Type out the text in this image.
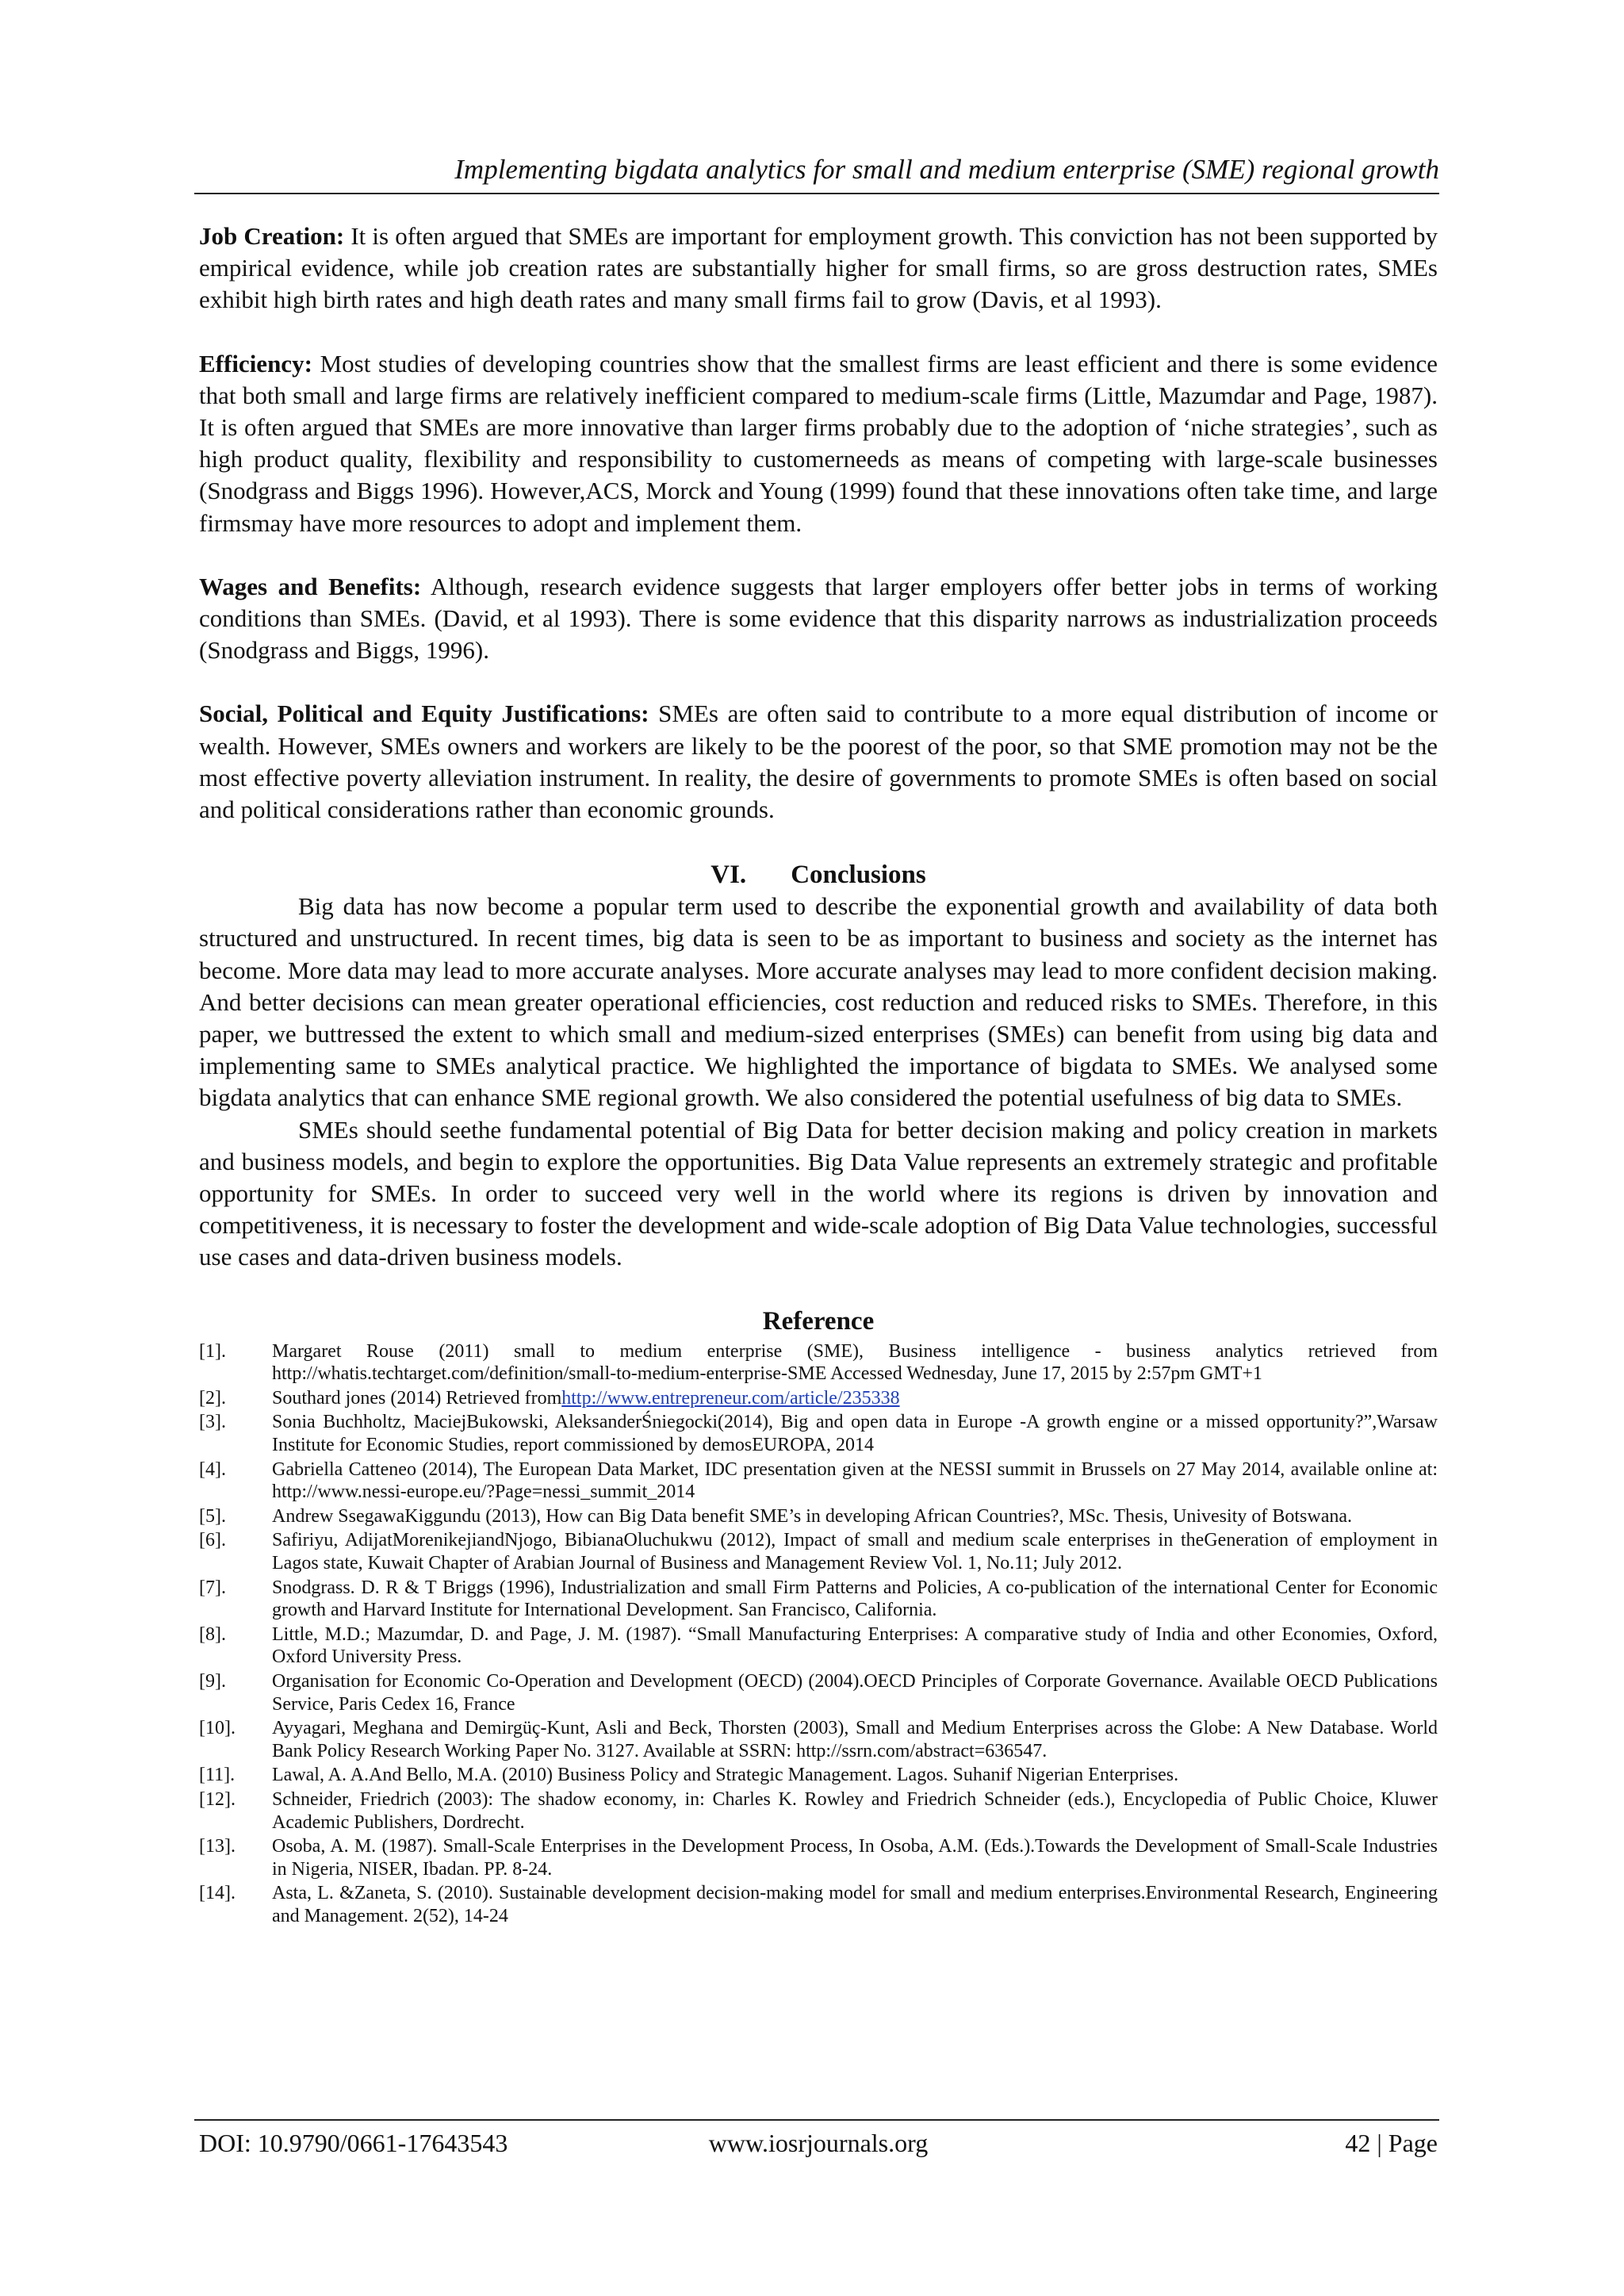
Implementing bigdata analytics for small and medium enterprise (SME) regional growth

Job Creation: It is often argued that SMEs are important for employment growth. This conviction has not been supported by empirical evidence, while job creation rates are substantially higher for small firms, so are gross destruction rates, SMEs exhibit high birth rates and high death rates and many small firms fail to grow (Davis, et al 1993).

Efficiency: Most studies of developing countries show that the smallest firms are least efficient and there is some evidence that both small and large firms are relatively inefficient compared to medium-scale firms (Little, Mazumdar and Page, 1987). It is often argued that SMEs are more innovative than larger firms probably due to the adoption of ‘niche strategies’, such as high product quality, flexibility and responsibility to customerneeds as means of competing with large-scale businesses (Snodgrass and Biggs 1996). However,ACS, Morck and Young (1999) found that these innovations often take time, and large firmsmay have more resources to adopt and implement them.

Wages and Benefits: Although, research evidence suggests that larger employers offer better jobs in terms of working conditions than SMEs. (David, et al 1993). There is some evidence that this disparity narrows as industrialization proceeds (Snodgrass and Biggs, 1996).

Social, Political and Equity Justifications: SMEs are often said to contribute to a more equal distribution of income or wealth. However, SMEs owners and workers are likely to be the poorest of the poor, so that SME promotion may not be the most effective poverty alleviation instrument. In reality, the desire of governments to promote SMEs is often based on social and political considerations rather than economic grounds.

VI. Conclusions

Big data has now become a popular term used to describe the exponential growth and availability of data both structured and unstructured. In recent times, big data is seen to be as important to business and society as the internet has become. More data may lead to more accurate analyses. More accurate analyses may lead to more confident decision making. And better decisions can mean greater operational efficiencies, cost reduction and reduced risks to SMEs. Therefore, in this paper, we buttressed the extent to which small and medium-sized enterprises (SMEs) can benefit from using big data and implementing same to SMEs analytical practice. We highlighted the importance of bigdata to SMEs. We analysed some bigdata analytics that can enhance SME regional growth. We also considered the potential usefulness of big data to SMEs.

SMEs should seethe fundamental potential of Big Data for better decision making and policy creation in markets and business models, and begin to explore the opportunities. Big Data Value represents an extremely strategic and profitable opportunity for SMEs. In order to succeed very well in the world where its regions is driven by innovation and competitiveness, it is necessary to foster the development and wide-scale adoption of Big Data Value technologies, successful use cases and data-driven business models.

Reference
[1].	Margaret Rouse (2011) small to medium enterprise (SME), Business intelligence - business analytics retrieved from http://whatis.techtarget.com/definition/small-to-medium-enterprise-SME Accessed Wednesday, June 17, 2015 by 2:57pm GMT+1
[2].	Southard jones (2014) Retrieved fromhttp://www.entrepreneur.com/article/235338
[3].	Sonia Buchholtz, MaciejBukowski, AleksanderŚniegocki(2014), Big and open data in Europe -A growth engine or a missed opportunity?”,Warsaw Institute for Economic Studies, report commissioned by demosEUROPA, 2014
[4].	Gabriella Catteneo (2014), The European Data Market, IDC presentation given at the NESSI summit in Brussels on 27 May 2014, available online at: http://www.nessi-europe.eu/?Page=nessi_summit_2014
[5].	Andrew SsegawaKiggundu (2013), How can Big Data benefit SME’s in developing African Countries?, MSc. Thesis, Univesity of Botswana.
[6].	Safiriyu, AdijatMorenikejiandNjogo, BibianaOluchukwu (2012), Impact of small and medium scale enterprises in theGeneration of employment in Lagos state, Kuwait Chapter of Arabian Journal of Business and Management Review Vol. 1, No.11; July 2012.
[7].	Snodgrass. D. R & T Briggs (1996), Industrialization and small Firm Patterns and Policies, A co-publication of the international Center for Economic growth and Harvard Institute for International Development. San Francisco, California.
[8].	Little, M.D.; Mazumdar, D. and Page, J. M. (1987). “Small Manufacturing Enterprises: A comparative study of India and other Economies, Oxford, Oxford University Press.
[9].	Organisation for Economic Co-Operation and Development (OECD) (2004).OECD Principles of Corporate Governance. Available OECD Publications Service, Paris Cedex 16, France
[10].	Ayyagari, Meghana and Demirgüç-Kunt, Asli and Beck, Thorsten (2003), Small and Medium Enterprises across the Globe: A New Database. World Bank Policy Research Working Paper No. 3127. Available at SSRN: http://ssrn.com/abstract=636547.
[11].	Lawal, A. A.And Bello, M.A. (2010) Business Policy and Strategic Management. Lagos. Suhanif Nigerian Enterprises.
[12].	Schneider, Friedrich (2003): The shadow economy, in: Charles K. Rowley and Friedrich Schneider (eds.), Encyclopedia of Public Choice, Kluwer Academic Publishers, Dordrecht.
[13].	Osoba, A. M. (1987). Small-Scale Enterprises in the Development Process, In Osoba, A.M. (Eds.).Towards the Development of Small-Scale Industries in Nigeria, NISER, Ibadan. PP. 8-24.
[14].	Asta, L. &Zaneta, S. (2010). Sustainable development decision-making model for small and medium enterprises.Environmental Research, Engineering and Management. 2(52), 14-24
DOI: 10.9790/0661-17643543	www.iosrjournals.org	42 | Page
